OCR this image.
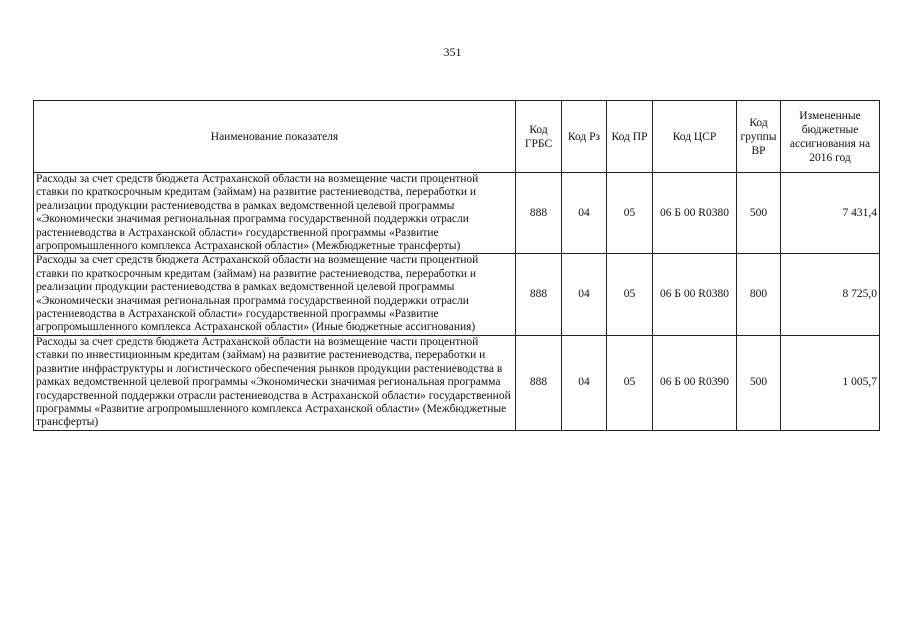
351
Наименование показателя	Код ГРБС	Код Рз	Код ПР	Код ЦСР	Код группы ВР	Измененные бюджетные ассигнования на 2016 год
Расходы за счет средств бюджета Астраханской области на возмещение части процентной ставки по краткосрочным кредитам (займам) на развитие растениеводства, переработки и реализации продукции растениеводства в рамках ведомственной целевой программы «Экономически значимая региональная программа государственной поддержки отрасли растениеводства в Астраханской области» государственной программы «Развитие агропромышленного комплекса Астраханской области» (Межбюджетные трансферты)	888	04	05	06 Б 00 R0380	500	7 431,4
Расходы за счет средств бюджета Астраханской области на возмещение части процентной ставки по краткосрочным кредитам (займам) на развитие растениеводства, переработки и реализации продукции растениеводства в рамках ведомственной целевой программы «Экономически значимая региональная программа государственной поддержки отрасли растениеводства в Астраханской области» государственной программы «Развитие агропромышленного комплекса Астраханской области» (Иные бюджетные ассигнования)	888	04	05	06 Б 00 R0380	800	8 725,0
Расходы за счет средств бюджета Астраханской области на возмещение части процентной ставки по инвестиционным кредитам (займам) на развитие растениеводства, переработки и развитие инфраструктуры и логистического обеспечения рынков продукции растениеводства в рамках ведомственной целевой программы «Экономически значимая региональная программа государственной поддержки отрасли растениеводства в Астраханской области» государственной программы «Развитие агропромышленного комплекса Астраханской области» (Межбюджетные трансферты)	888	04	05	06 Б 00 R0390	500	1 005,7
